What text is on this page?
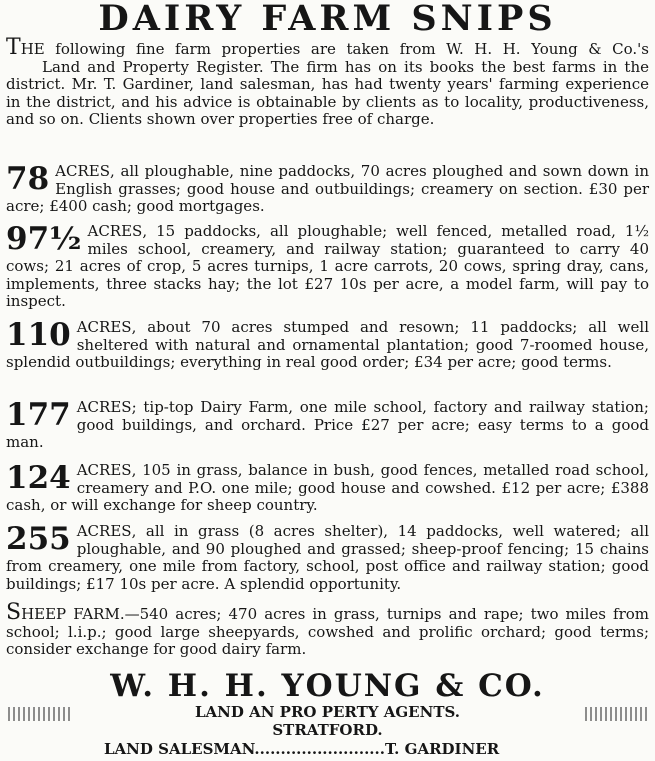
DAIRY FARM SNIPS
THE following fine farm properties are taken from W. H. H. Young & Co.'s Land and Property Register. The firm has on its books the best farms in the district. Mr. T. Gardiner, land salesman, has had twenty years' farming experience in the district, and his advice is obtainable by clients as to locality, productiveness, and so on. Clients shown over properties free of charge.
78 ACRES, all ploughable, nine paddocks, 70 acres ploughed and sown down in English grasses; good house and outbuildings; creamery on section. £30 per acre; £400 cash; good mortgages.
97½ ACRES, 15 paddocks, all ploughable; well fenced, metalled road, 1½ miles school, creamery, and railway station; guaranteed to carry 40 cows; 21 acres of crop, 5 acres turnips, 1 acre carrots, 20 cows, spring dray, cans, implements, three stacks hay; the lot £27 10s per acre, a model farm, will pay to inspect.
110 ACRES, about 70 acres stumped and resown; 11 paddocks; all well sheltered with natural and ornamental plantation; good 7-roomed house, splendid outbuildings; everything in real good order; £34 per acre; good terms.
177 ACRES; tip-top Dairy Farm, one mile school, factory and railway station; good buildings, and orchard. Price £27 per acre; easy terms to a good man.
124 ACRES, 105 in grass, balance in bush, good fences, metalled road school, creamery and P.O. one mile; good house and cowshed. £12 per acre; £388 cash, or will exchange for sheep country.
255 ACRES, all in grass (8 acres shelter), 14 paddocks, well watered; all ploughable, and 90 ploughed and grassed; sheep-proof fencing; 15 chains from creamery, one mile from factory, school, post office and railway station; good buildings; £17 10s per acre. A splendid opportunity.
SHEEP FARM.—540 acres; 470 acres in grass, turnips and rape; two miles from school; l.i.p.; good large sheepyards, cowshed and prolific orchard; good terms; consider exchange for good dairy farm.
W. H. H. YOUNG & CO.
LAND AN PRO PERTY AGENTS.
STRATFORD.
LAND SALESMAN.........................T. GARDINER
